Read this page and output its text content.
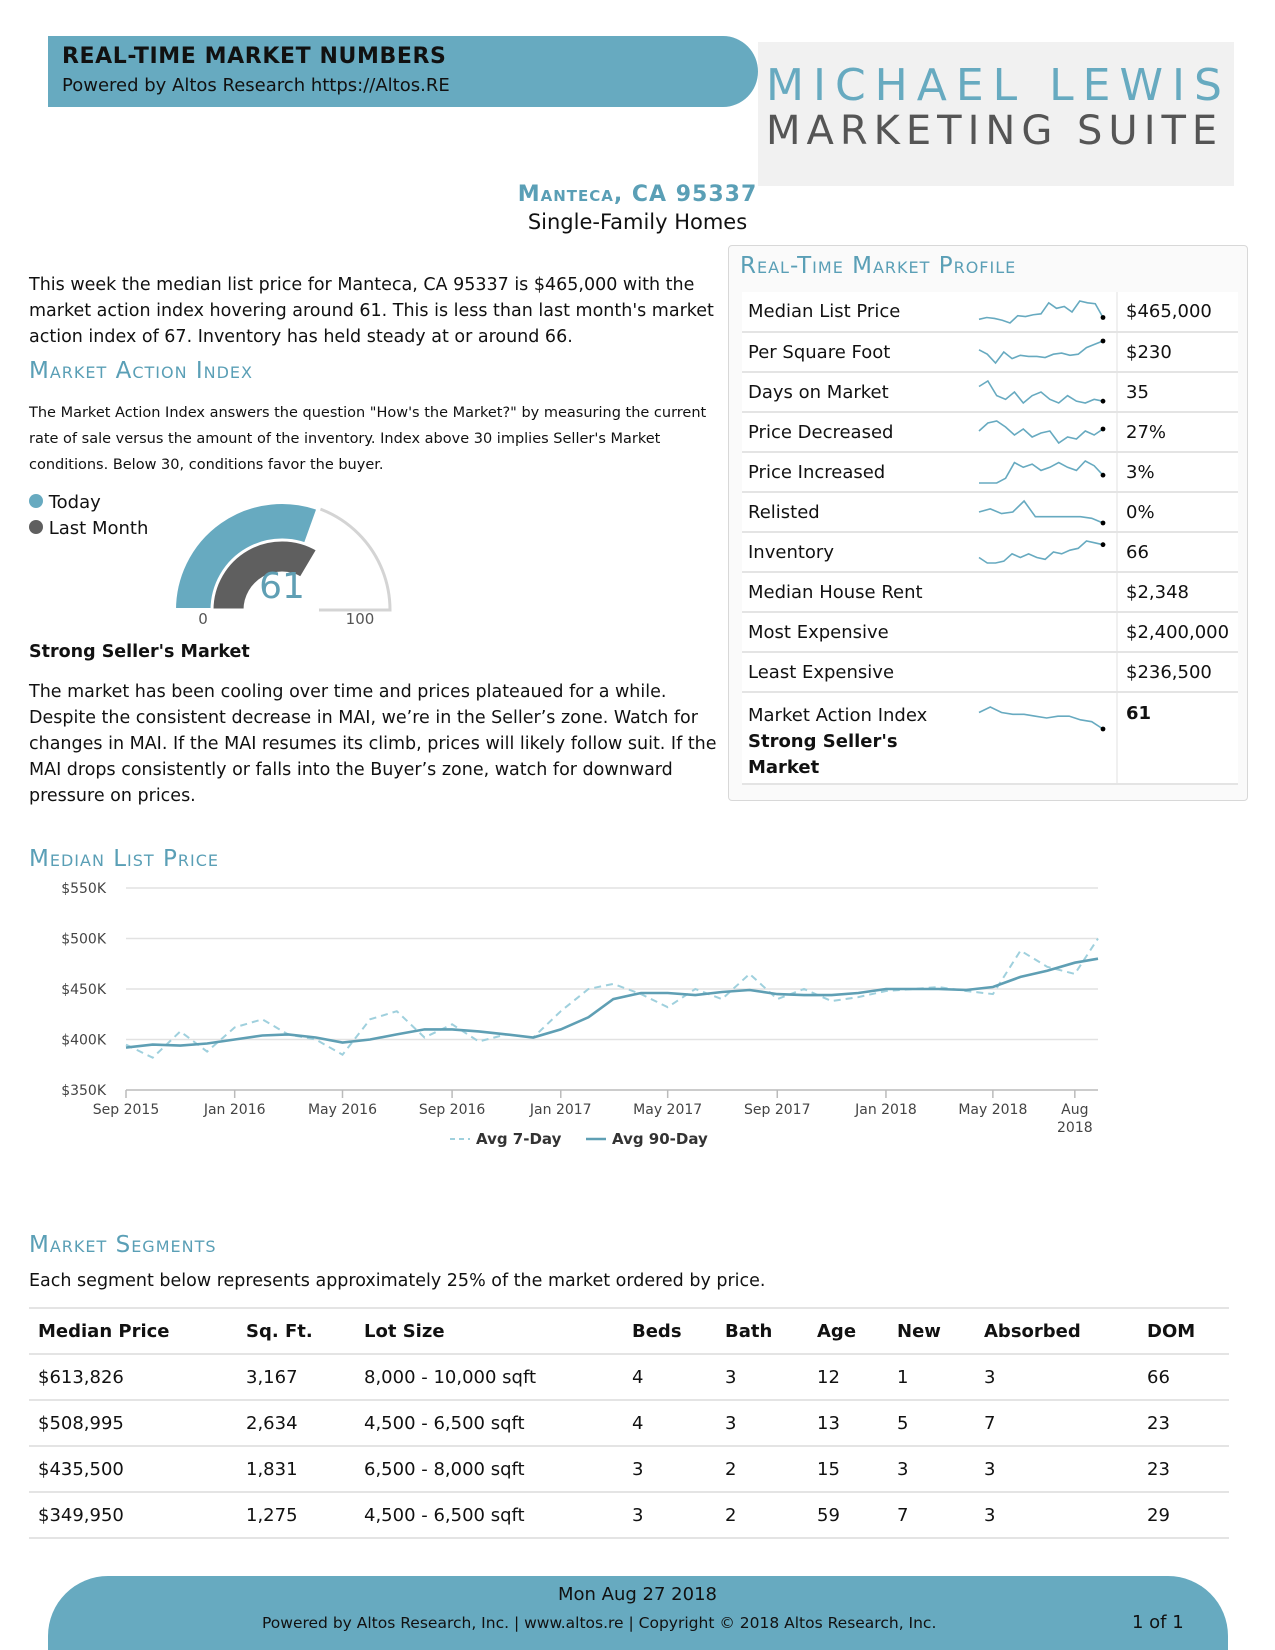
REAL-TIME MARKET NUMBERS
Powered by Altos Research https://Altos.RE	MICHAEL LEWIS
MARKETING SUITE
Manteca, CA 95337
Single-Family Homes
This week the median list price for Manteca, CA 95337 is $465,000 with the market action index hovering around 61. This is less than last month's market action index of 67. Inventory has held steady at or around 66.
Market Action Index
The Market Action Index answers the question "How's the Market?" by measuring the current rate of sale versus the amount of the inventory. Index above 30 implies Seller's Market conditions. Below 30, conditions favor the buyer.
Today
Last Month
61
0	100
Strong Seller's Market
The market has been cooling over time and prices plateaued for a while. Despite the consistent decrease in MAI, we’re in the Seller’s zone. Watch for changes in MAI. If the MAI resumes its climb, prices will likely follow suit. If the MAI drops consistently or falls into the Buyer’s zone, watch for downward pressure on prices.
Real-Time Market Profile
Median List Price		$465,000
Per Square Foot		$230
Days on Market		35
Price Decreased		27%
Price Increased		3%
Relisted		0%
Inventory		66
Median House Rent		$2,348
Most Expensive		$2,400,000
Least Expensive		$236,500

Market Action Index
Strong Seller's Market		61
Median List Price
$550K
$500K
$450K
$400K
$350K
Sep 2015	Jan 2016	May 2016	Sep 2016	Jan 2017	May 2017	Sep 2017	Jan 2018	May 2018 Aug 2018
Avg 7-Day	Avg 90-Day
Market Segments
Each segment below represents approximately 25% of the market ordered by price.
Median Price	Sq. Ft.	Lot Size	Beds	Bath	Age	New	Absorbed	DOM
$613,826	3,167	8,000 - 10,000 sqft	4	3	12	1	3	66
$508,995	2,634	4,500 - 6,500 sqft	4	3	13	5	7	23
$435,500	1,831	6,500 - 8,000 sqft	3	2	15	3	3	23
$349,950	1,275	4,500 - 6,500 sqft	3	2	59	7	3	29
Mon Aug 27 2018
Powered by Altos Research, Inc. | www.altos.re | Copyright © 2018 Altos Research, Inc.	1 of 1
